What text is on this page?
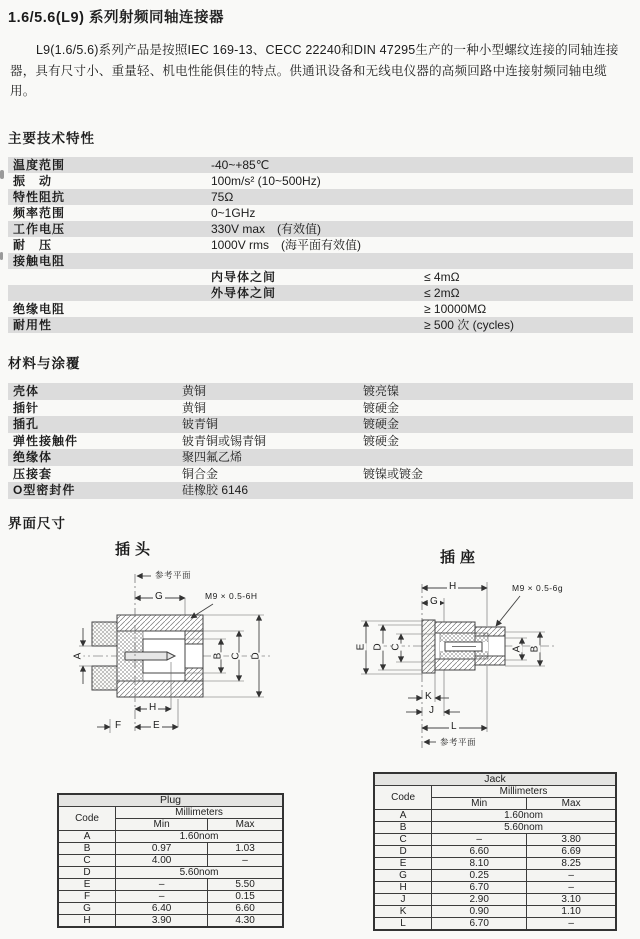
1.6/5.6(L9) 系列射频同轴连接器

L9(1.6/5.6)系列产品是按照IEC 169-13、CECC 22240和DIN 47295生产的一种小型螺纹连接的同轴连接器，具有尺寸小、重量轻、机电性能俱佳的特点。供通讯设备和无线电仪器的高频回路中连接射频同轴电缆用。

主要技术特性
温度范围	-40~+85℃
振　动	100m/s² (10~500Hz)
特性阻抗	75Ω
频率范围	0~1GHz
工作电压	330V max　(有效值)
耐　压	1000V rms　(海平面有效值)
接触电阻
内导体之间	≤ 4mΩ
外导体之间	≤ 2mΩ
绝缘电阻	≥ 10000MΩ
耐用性	≥ 500 次 (cycles)
材料与涂覆
壳体	黄铜	镀亮镍
插针	黄铜	镀硬金
插孔	铍青铜	镀硬金
弹性接触件	铍青铜或锡青铜	镀硬金
绝缘体	聚四氟乙烯
压接套	铜合金	镀镍或镀金
O型密封件	硅橡胶 6146
界面尺寸
插头
参考平面
M9 × 0.5-6H
G
A	B C D
H
E
F
插座
H
G
M9 × 0.5-6g
E D C	A B
K
J
L
参考平面
Plug		
Code	Millimeters	
	Min	Max
A	1.60nom	
B	0.97	1.03
C	4.00	–
D	5.60nom	
E	–	5.50
F	–	0.15
G	6.40	6.60
H	3.90	4.30
Jack		
Code	Millimeters	
	Min	Max
A	1.60nom	
B	5.60nom	
C	–	3.80
D	6.60	6.69
E	8.10	8.25
G	0.25	–
H	6.70	–
J	2.90	3.10
K	0.90	1.10
L	6.70	–
